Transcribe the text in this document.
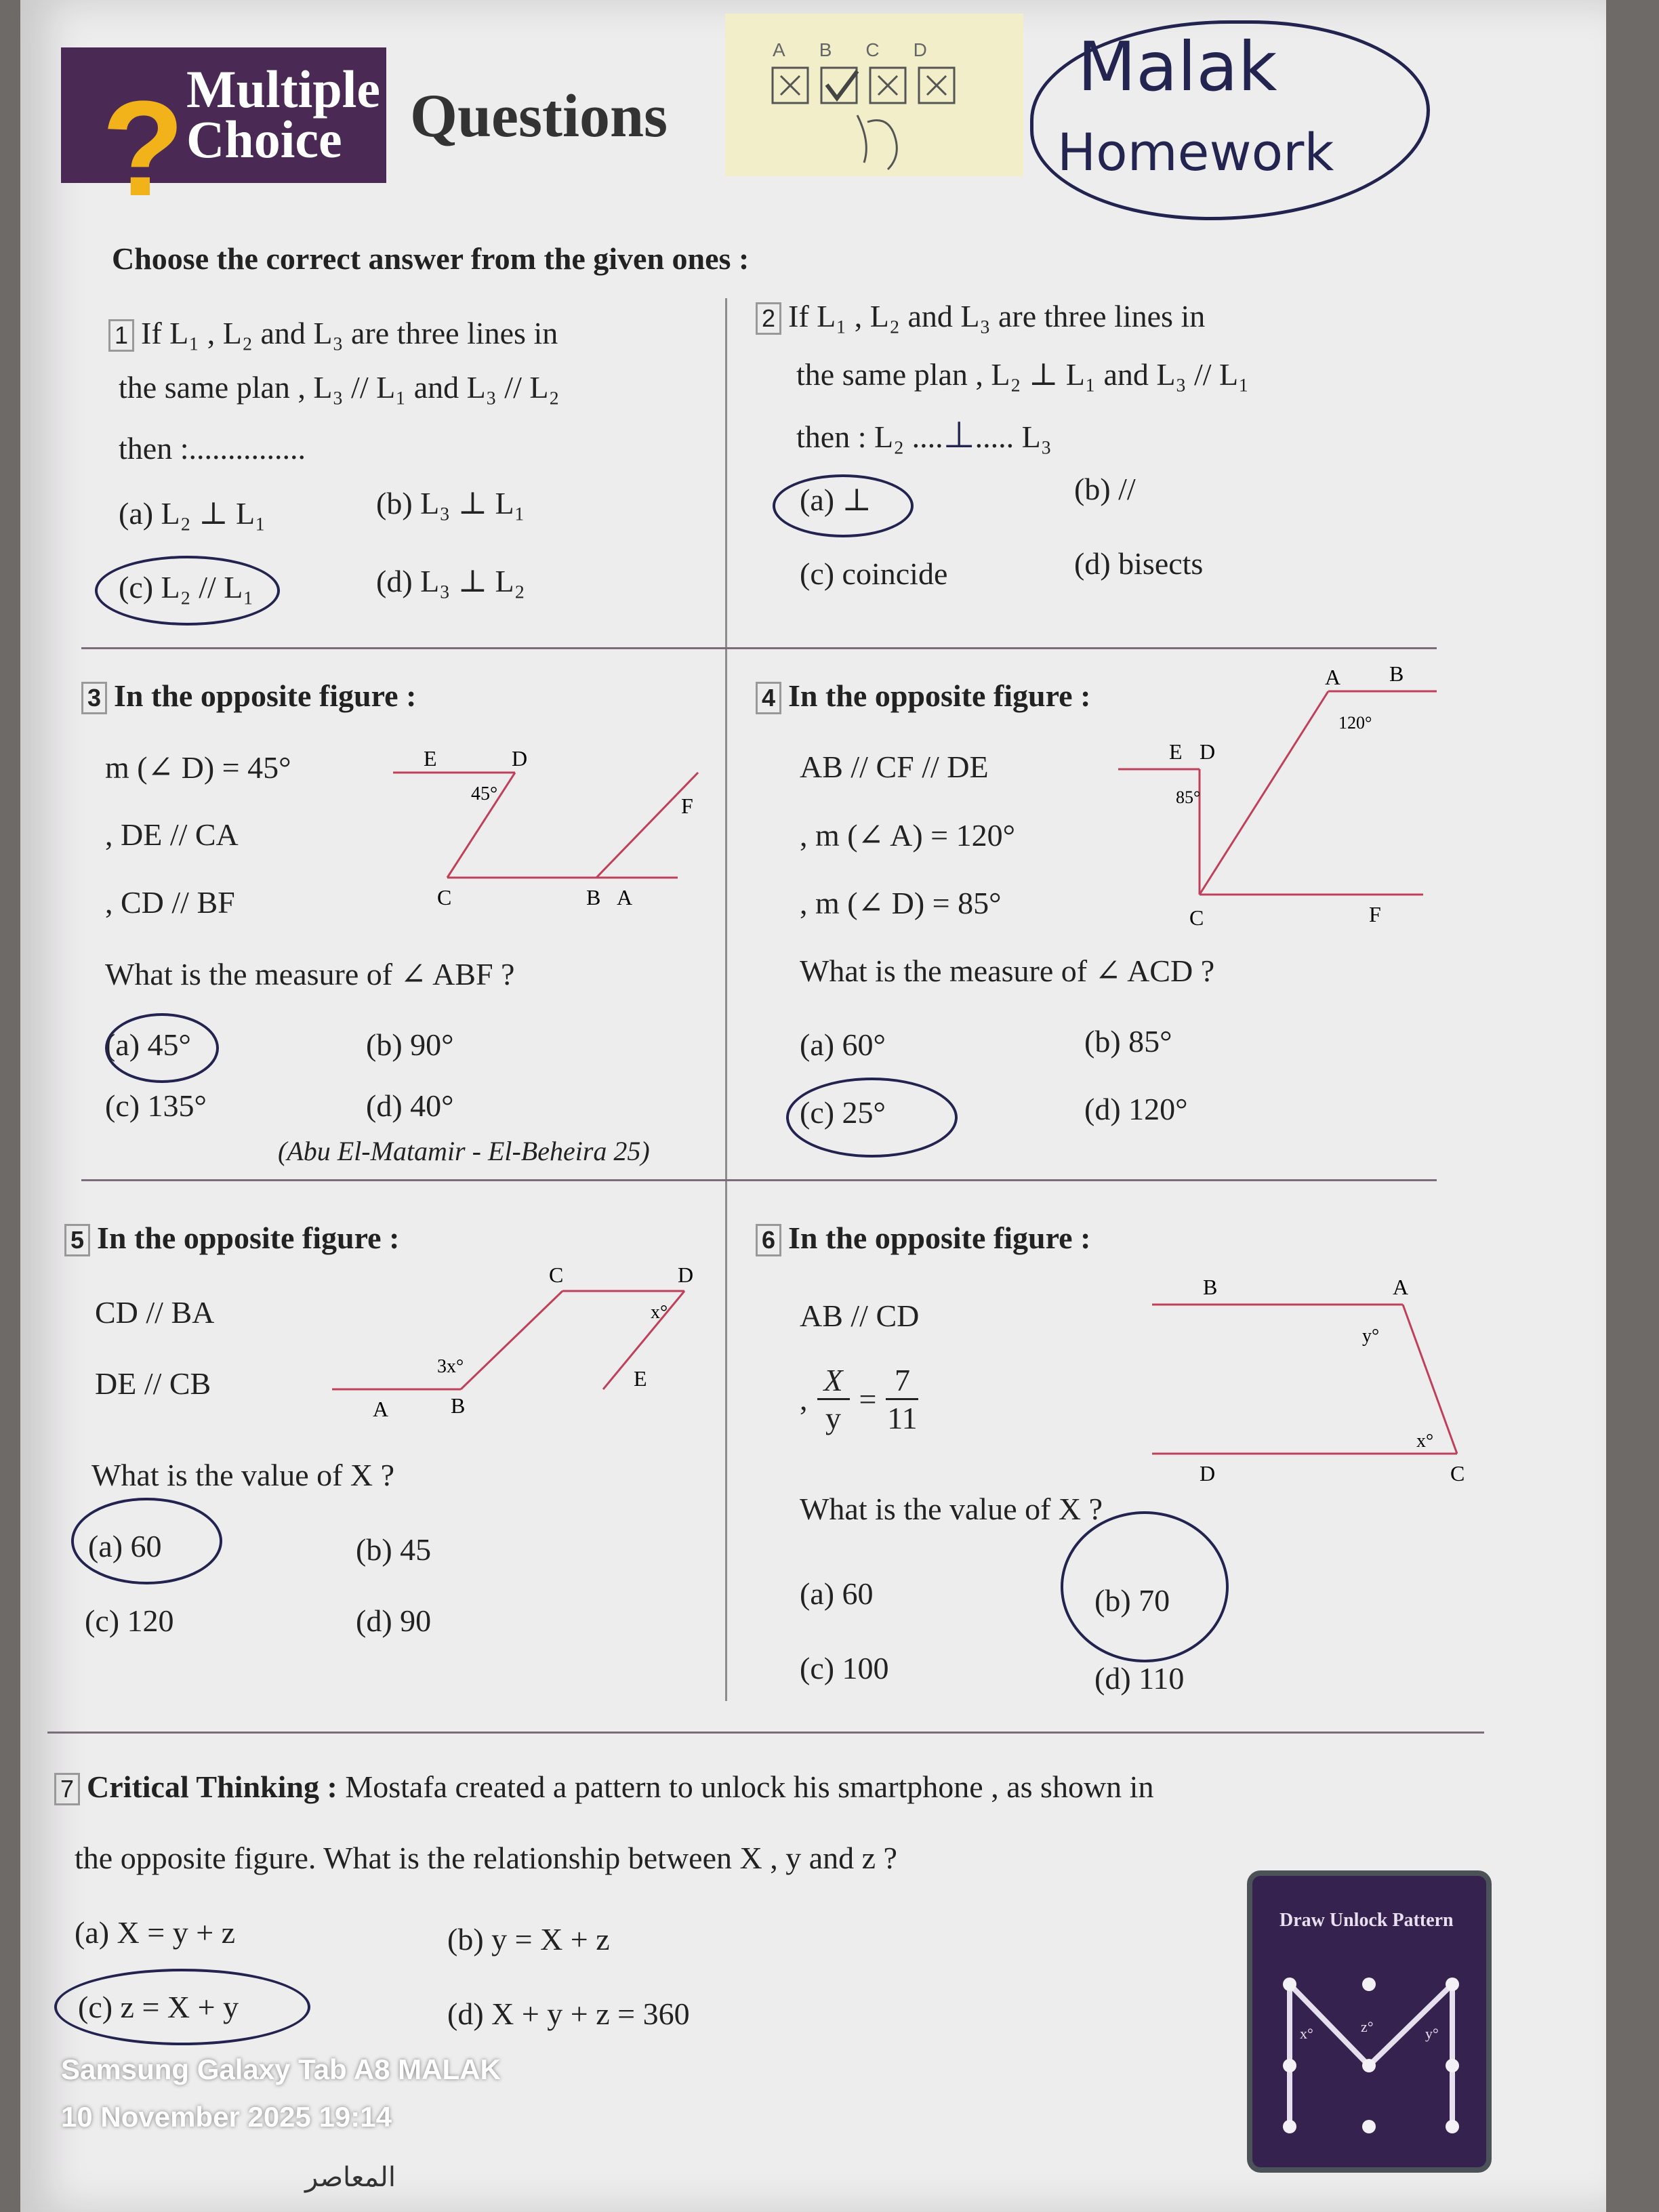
? Multiple
Choice	Questions
A B C D Malak
Homework
Choose the correct answer from the given ones :
1 If L₁ , L₂ and L₃ are three lines in
the same plan , L₃ // L₁ and L₃ // L₂
then :...............
(a) L₂ ⊥ L₁	(b) L₃ ⊥ L₁
(c) L₂ // L₁	(d) L₃ ⊥ L₂
2 If L₁ , L₂ and L₃ are three lines in
the same plan , L₂ ⊥ L₁ and L₃ // L₁
then : L₂ ....⊥..... L₃
(a) ⊥	(b) //
(c) coincide	(d) bisects
3 In the opposite figure :
m (∠ D) = 45°
, DE // CA
, CD // BF
What is the measure of ∠ ABF ?
(a) 45°	(b) 90°
(c) 135°	(d) 40°
(Abu El-Matamir - El-Beheira 25)
E	D
F
C	B A
45°
4 In the opposite figure :
AB // CF // DE
, m (∠ A) = 120°
, m (∠ D) = 85°
What is the measure of ∠ ACD ?
(a) 60°	(b) 85°
(c) 25°	(d) 120°
A B
E D
C	F
120°
85°
5 In the opposite figure :
CD // BA
DE // CB
What is the value of X ?
(a) 60	(b) 45
(c) 120	(d) 90
C	D
A	B
E
3x°
x°
6 In the opposite figure :
AB // CD
,
X
y
=
7
11
What is the value of X ?
(a) 60	(b) 70
(c) 100	(d) 110
B	A
D	C
y°
x°
7 Critical Thinking : Mostafa created a pattern to unlock his smartphone , as shown in
the opposite figure. What is the relationship between X , y and z ?
(a) X = y + z	(b) y = X + z
(c) z = X + y	(d) X + y + z = 360
Draw Unlock Pattern
x°	z°	y°
المعاصر
Samsung Galaxy Tab A8 MALAK
10 November 2025 19:14
